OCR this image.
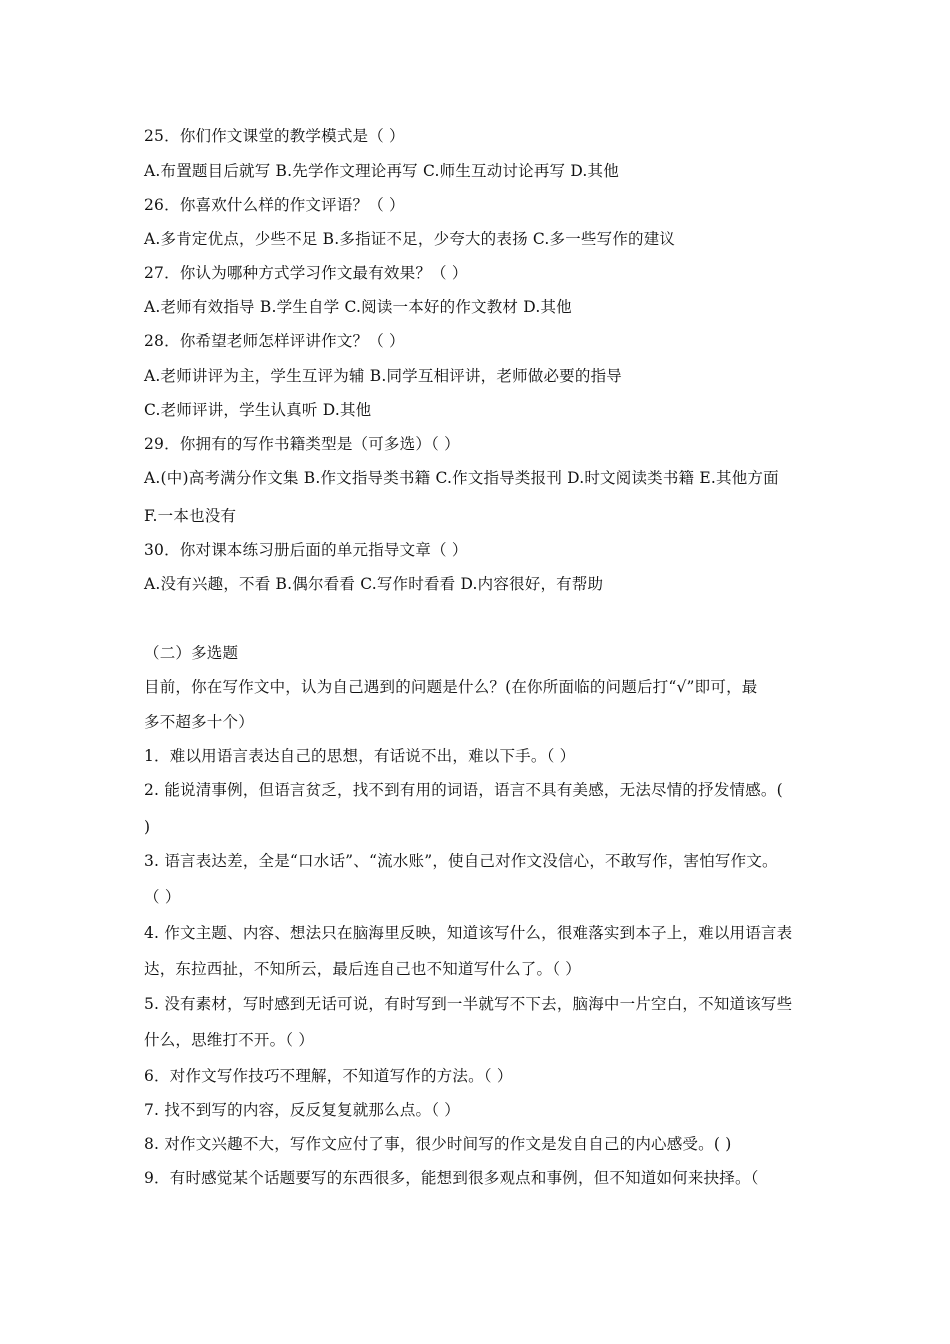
25．你们作文课堂的教学模式是（ ）
A.布置题目后就写 B.先学作文理论再写 C.师生互动讨论再写 D.其他
26．你喜欢什么样的作文评语？（ ）
A.多肯定优点，少些不足 B.多指证不足，少夸大的表扬 C.多一些写作的建议
27．你认为哪种方式学习作文最有效果？（ ）
A.老师有效指导 B.学生自学 C.阅读一本好的作文教材 D.其他
28．你希望老师怎样评讲作文？（ ）
A.老师讲评为主，学生互评为辅 B.同学互相评讲，老师做必要的指导
C.老师评讲，学生认真听 D.其他
29．你拥有的写作书籍类型是（可多选）（ ）
A.(中)高考满分作文集 B.作文指导类书籍 C.作文指导类报刊 D.时文阅读类书籍 E.其他方面
F.一本也没有
30．你对课本练习册后面的单元指导文章（ ）
A.没有兴趣，不看 B.偶尔看看 C.写作时看看 D.内容很好，有帮助
（二）多选题
目前，你在写作文中，认为自己遇到的问题是什么？(在你所面临的问题后打“√”即可，最
多不超多十个）
1．难以用语言表达自己的思想，有话说不出，难以下手。（ ）
2. 能说清事例，但语言贫乏，找不到有用的词语，语言不具有美感，无法尽情的抒发情感。(
)
3. 语言表达差，全是“口水话”、“流水账”，使自己对作文没信心，不敢写作，害怕写作文。
（ ）
4. 作文主题、内容、想法只在脑海里反映，知道该写什么，很难落实到本子上，难以用语言表
达，东拉西扯，不知所云，最后连自己也不知道写什么了。（ ）
5. 没有素材，写时感到无话可说，有时写到一半就写不下去，脑海中一片空白，不知道该写些
什么，思维打不开。（ ）
6．对作文写作技巧不理解，不知道写作的方法。（ ）
7. 找不到写的内容，反反复复就那么点。（ ）
8. 对作文兴趣不大，写作文应付了事，很少时间写的作文是发自自己的内心感受。( )
9．有时感觉某个话题要写的东西很多，能想到很多观点和事例，但不知道如何来抉择。（
